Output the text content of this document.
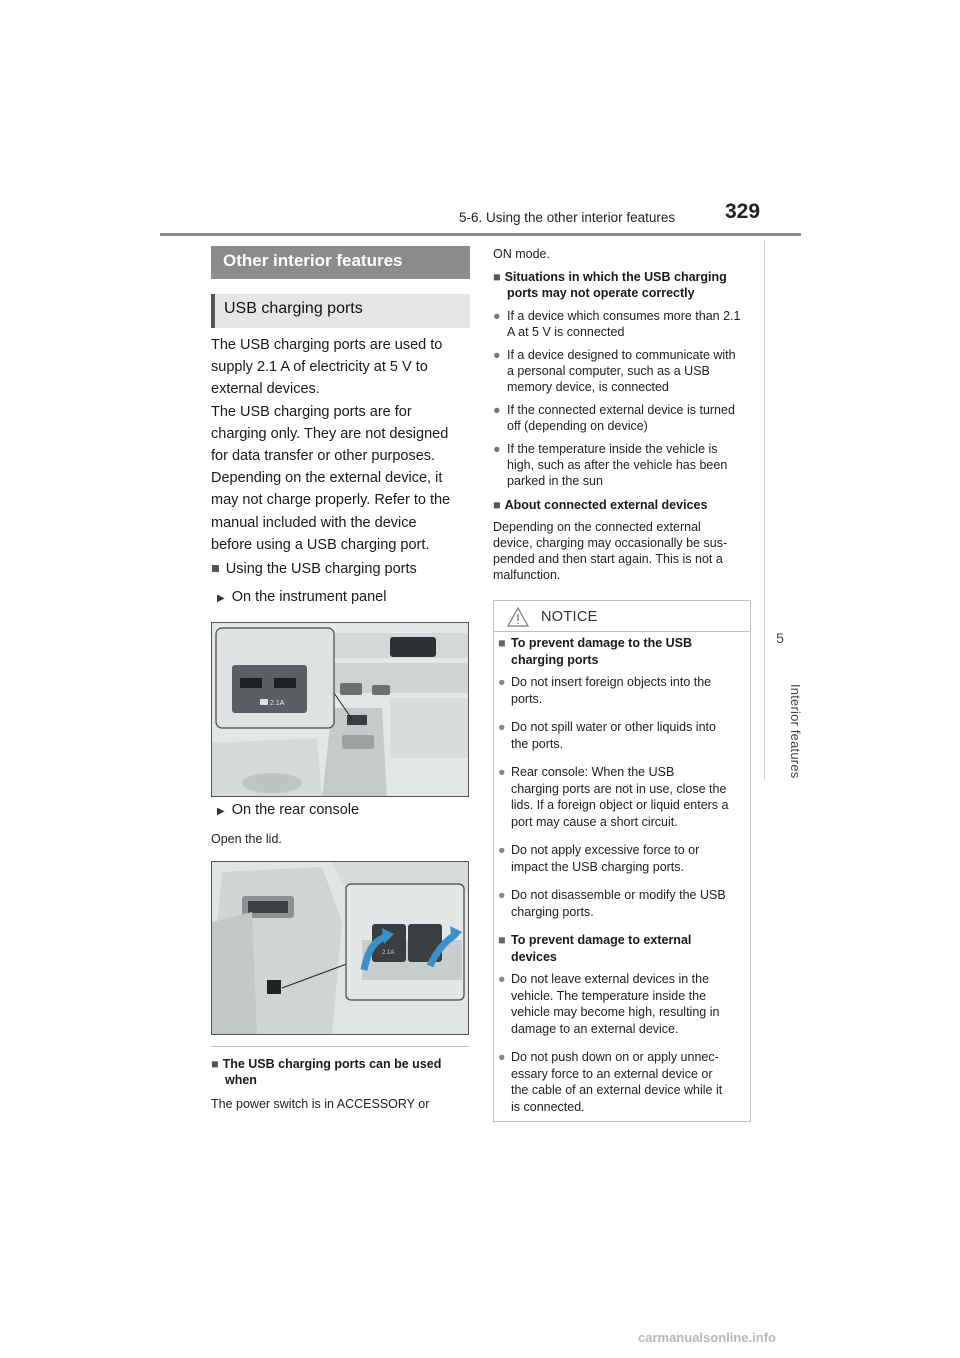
5-6. Using the other interior features 329
5
Interior features
Other interior features
USB charging ports
The USB charging ports are used to
supply 2.1 A of electricity at 5 V to
external devices.
The USB charging ports are for
charging only. They are not designed
for data transfer or other purposes.
Depending on the external device, it
may not charge properly. Refer to the
manual included with the device
before using a USB charging port.
■ Using the USB charging ports
▶ On the instrument panel
2.1A
▶ On the rear console
Open the lid.
2.1A
■ The USB charging ports can be used
when
The power switch is in ACCESSORY or
ON mode.
■ Situations in which the USB charging
ports may not operate correctly
● If a device which consumes more than 2.1
A at 5 V is connected
● If a device designed to communicate with
a personal computer, such as a USB
memory device, is connected
● If the connected external device is turned
off (depending on device)
● If the temperature inside the vehicle is
high, such as after the vehicle has been
parked in the sun
■ About connected external devices
Depending on the connected external
device, charging may occasionally be sus-
pended and then start again. This is not a
malfunction.
NOTICE
■ To prevent damage to the USB
charging ports
● Do not insert foreign objects into the
ports.
● Do not spill water or other liquids into
the ports.
● Rear console: When the USB
charging ports are not in use, close the
lids. If a foreign object or liquid enters a
port may cause a short circuit.
● Do not apply excessive force to or
impact the USB charging ports.
● Do not disassemble or modify the USB
charging ports.
■ To prevent damage to external
devices
● Do not leave external devices in the
vehicle. The temperature inside the
vehicle may become high, resulting in
damage to an external device.
● Do not push down on or apply unnec-
essary force to an external device or
the cable of an external device while it
is connected.
carmanualsonline.info
